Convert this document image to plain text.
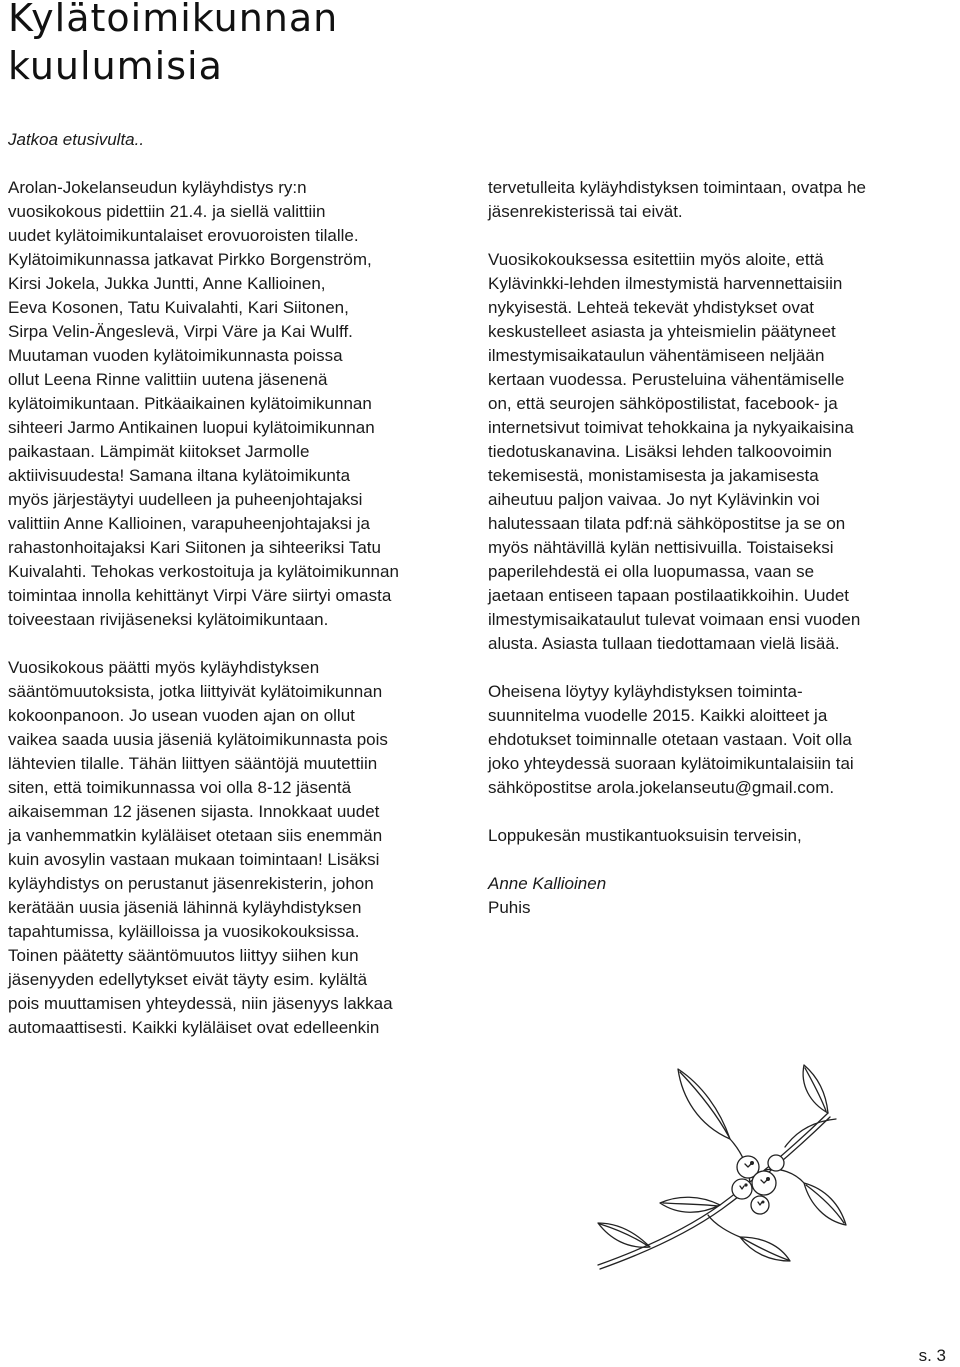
Kylätoimikunnan
kuulumisia
Jatkoa etusivulta..

Arolan-Jokelanseudun kyläyhdistys ry:n
vuosikokous pidettiin 21.4. ja siellä valittiin
uudet kylätoimikuntalaiset erovuoroisten tilalle.
Kylätoimikunnassa jatkavat Pirkko Borgenström,
Kirsi Jokela, Jukka Juntti, Anne Kallioinen,
Eeva Kosonen, Tatu Kuivalahti, Kari Siitonen,
Sirpa Velin-Ängeslevä, Virpi Väre ja Kai Wulff.
Muutaman vuoden kylätoimikunnasta poissa
ollut Leena Rinne valittiin uutena jäsenenä
kylätoimikuntaan. Pitkäaikainen kylätoimikunnan
sihteeri Jarmo Antikainen luopui kylätoimikunnan
paikastaan. Lämpimät kiitokset Jarmolle
aktiivisuudesta! Samana iltana kylätoimikunta
myös järjestäytyi uudelleen ja puheenjohtajaksi
valittiin Anne Kallioinen, varapuheenjohtajaksi ja
rahastonhoitajaksi Kari Siitonen ja sihteeriksi Tatu
Kuivalahti. Tehokas verkostoituja ja kylätoimikunnan
toimintaa innolla kehittänyt Virpi Väre siirtyi omasta
toiveestaan rivijäseneksi kylätoimikuntaan.

Vuosikokous päätti myös kyläyhdistyksen
sääntömuutoksista, jotka liittyivät kylätoimikunnan
kokoonpanoon. Jo usean vuoden ajan on ollut
vaikea saada uusia jäseniä kylätoimikunnasta pois
lähtevien tilalle. Tähän liittyen sääntöjä muutettiin
siten, että toimikunnassa voi olla 8-12 jäsentä
aikaisemman 12 jäsenen sijasta. Innokkaat uudet
ja vanhemmatkin kyläläiset otetaan siis enemmän
kuin avosylin vastaan mukaan toimintaan! Lisäksi
kyläyhdistys on perustanut jäsenrekisterin, johon
kerätään uusia jäseniä lähinnä kyläyhdistyksen
tapahtumissa, kyläilloissa ja vuosikokouksissa.
Toinen päätetty sääntömuutos liittyy siihen kun
jäsenyyden edellytykset eivät täyty esim. kylältä
pois muuttamisen yhteydessä, niin jäsenyys lakkaa
automaattisesti. Kaikki kyläläiset ovat edelleenkin

tervetulleita kyläyhdistyksen toimintaan, ovatpa he
jäsenrekisterissä tai eivät.

Vuosikokouksessa esitettiin myös aloite, että
Kylävinkki-lehden ilmestymistä harvennettaisiin
nykyisestä. Lehteä tekevät yhdistykset ovat
keskustelleet asiasta ja yhteismielin päätyneet
ilmestymisaikataulun vähentämiseen neljään
kertaan vuodessa. Perusteluina vähentämiselle
on, että seurojen sähköpostilistat, facebook- ja
internetsivut toimivat tehokkaina ja nykyaikaisina
tiedotuskanavina. Lisäksi lehden talkoovoimin
tekemisestä, monistamisesta ja jakamisesta
aiheutuu paljon vaivaa. Jo nyt Kylävinkin voi
halutessaan tilata pdf:nä sähköpostitse ja se on
myös nähtävillä kylän nettisivuilla. Toistaiseksi
paperilehdestä ei olla luopumassa, vaan se
jaetaan entiseen tapaan postilaatikkoihin. Uudet
ilmestymisaikataulut tulevat voimaan ensi vuoden
alusta. Asiasta tullaan tiedottamaan vielä lisää.

Oheisena löytyy kyläyhdistyksen toiminta-
suunnitelma vuodelle 2015. Kaikki aloitteet ja
ehdotukset toiminnalle otetaan vastaan. Voit olla
joko yhteydessä suoraan kylätoimikuntalaisiin tai
sähköpostitse arola.jokelanseutu@gmail.com.

Loppukesän mustikantuoksuisin terveisin,

Anne Kallioinen
Puhis

s. 3
